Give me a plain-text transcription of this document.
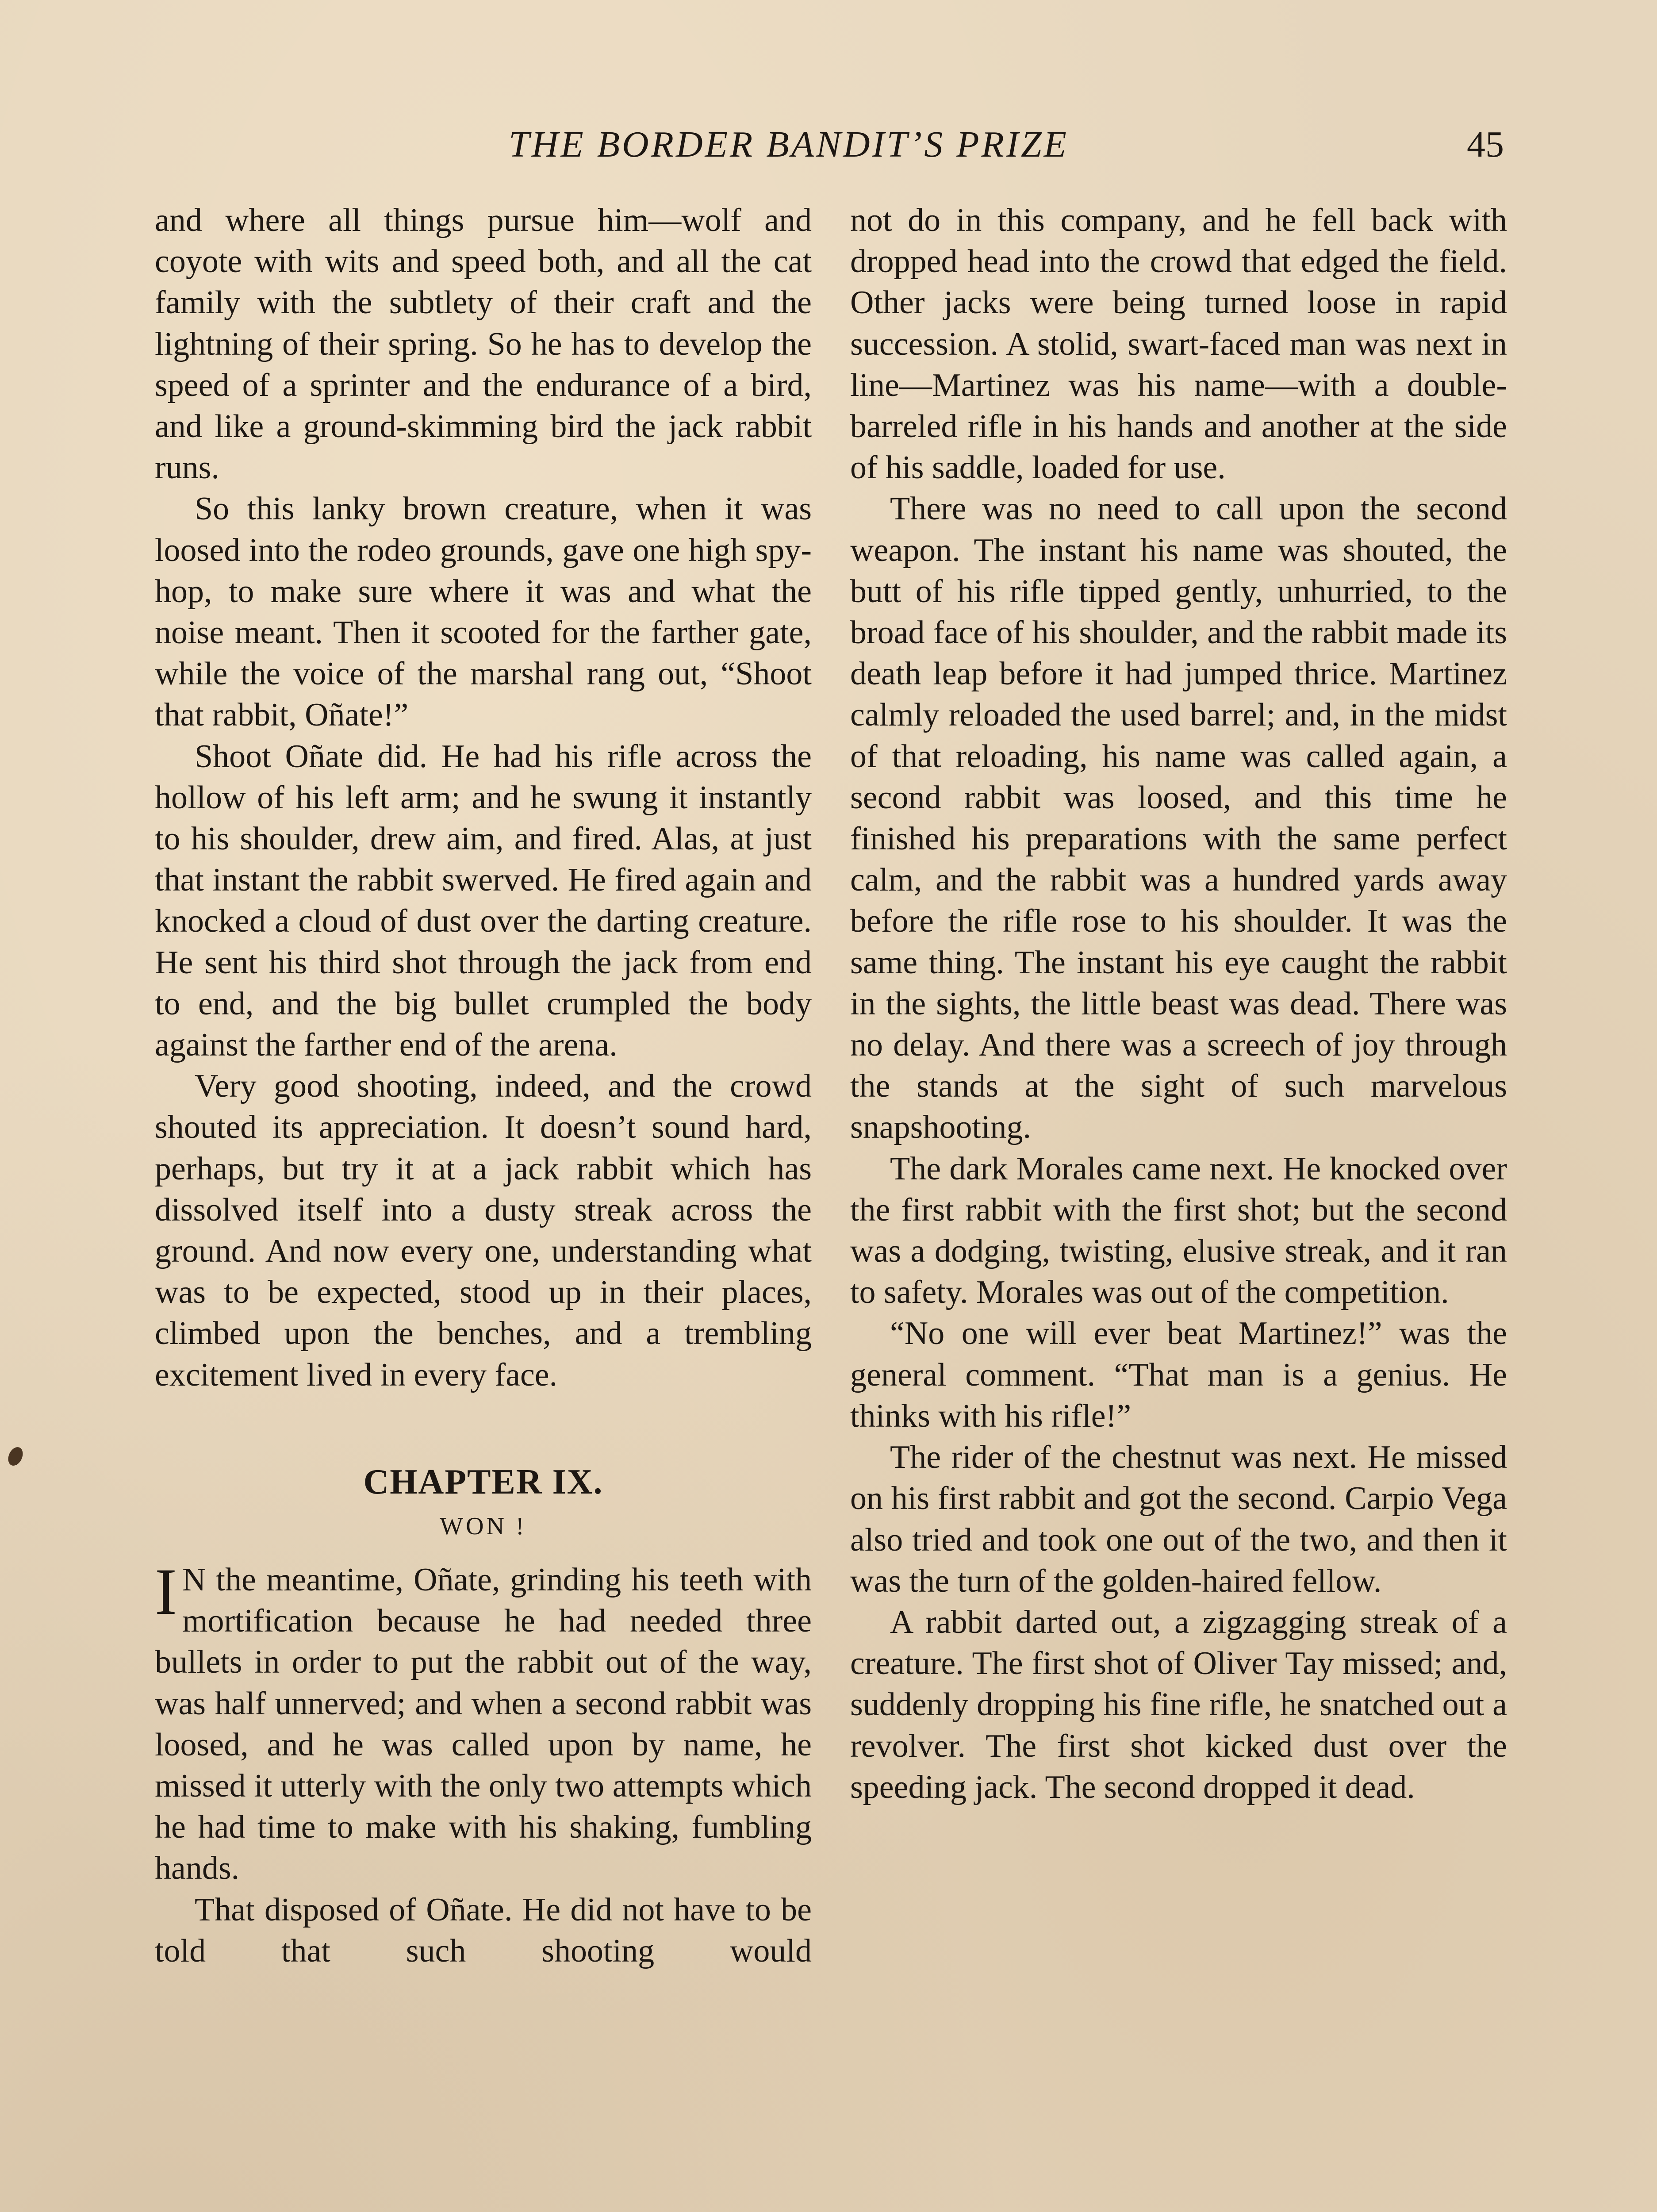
THE BORDER BANDIT’S PRIZE	45

and where all things pursue him—wolf and coyote with wits and speed both, and all the cat family with the subtlety of their craft and the lightning of their spring. So he has to develop the speed of a sprinter and the endurance of a bird, and like a ground-skimming bird the jack rabbit runs.

So this lanky brown creature, when it was loosed into the rodeo grounds, gave one high spy-hop, to make sure where it was and what the noise meant. Then it scooted for the farther gate, while the voice of the marshal rang out, “Shoot that rabbit, Oñate!”

Shoot Oñate did. He had his rifle across the hollow of his left arm; and he swung it instantly to his shoulder, drew aim, and fired. Alas, at just that instant the rabbit swerved. He fired again and knocked a cloud of dust over the darting creature. He sent his third shot through the jack from end to end, and the big bullet crumpled the body against the farther end of the arena.

Very good shooting, indeed, and the crowd shouted its appreciation. It doesn’t sound hard, perhaps, but try it at a jack rabbit which has dissolved itself into a dusty streak across the ground. And now every one, understanding what was to be expected, stood up in their places, climbed upon the benches, and a trembling excitement lived in every face.

CHAPTER IX.
WON !

I N the meantime, Oñate, grinding his teeth with mortification because he had needed three bullets in order to put the rabbit out of the way, was half unnerved; and when a second rabbit was loosed, and he was called upon by name, he missed it utterly with the only two attempts which he had time to make with his shaking, fumbling hands.

That disposed of Oñate. He did not have to be told that such shooting would

not do in this company, and he fell back with dropped head into the crowd that edged the field. Other jacks were being turned loose in rapid succession. A stolid, swart-faced man was next in line—Martinez was his name—with a double-barreled rifle in his hands and another at the side of his saddle, loaded for use.

There was no need to call upon the second weapon. The instant his name was shouted, the butt of his rifle tipped gently, unhurried, to the broad face of his shoulder, and the rabbit made its death leap before it had jumped thrice. Martinez calmly reloaded the used barrel; and, in the midst of that reloading, his name was called again, a second rabbit was loosed, and this time he finished his preparations with the same perfect calm, and the rabbit was a hundred yards away before the rifle rose to his shoulder. It was the same thing. The instant his eye caught the rabbit in the sights, the little beast was dead. There was no delay. And there was a screech of joy through the stands at the sight of such marvelous snapshooting.

The dark Morales came next. He knocked over the first rabbit with the first shot; but the second was a dodging, twisting, elusive streak, and it ran to safety. Morales was out of the competition.

“No one will ever beat Martinez!” was the general comment. “That man is a genius. He thinks with his rifle!”

The rider of the chestnut was next. He missed on his first rabbit and got the second. Carpio Vega also tried and took one out of the two, and then it was the turn of the golden-haired fellow.

A rabbit darted out, a zigzagging streak of a creature. The first shot of Oliver Tay missed; and, suddenly dropping his fine rifle, he snatched out a revolver. The first shot kicked dust over the speeding jack. The second dropped it dead.
